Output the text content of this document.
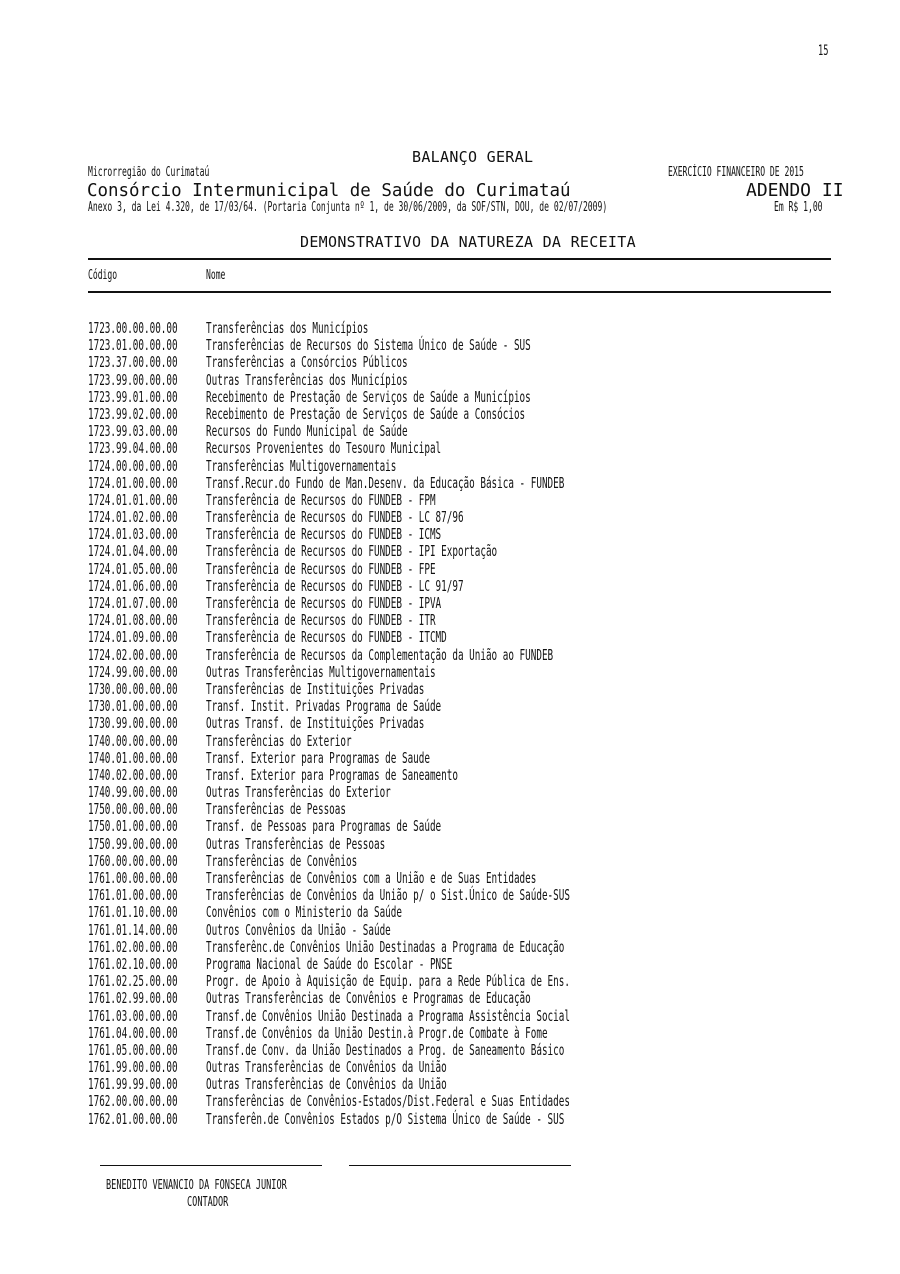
15
BALANÇO GERAL
Microrregião do Curimataú	EXERCÍCIO FINANCEIRO DE 2015
Consórcio Intermunicipal de Saúde do Curimataú	ADENDO II
Anexo 3, da Lei 4.320, de 17/03/64. (Portaria Conjunta nº 1, de 30/06/2009, da SOF/STN, DOU, de 02/07/2009)	Em R$ 1,00
DEMONSTRATIVO DA NATUREZA DA RECEITA
Código	Nome
1723.00.00.00.00 Transferências dos Municípios
1723.01.00.00.00 Transferências de Recursos do Sistema Único de Saúde - SUS
1723.37.00.00.00 Transferências a Consórcios Públicos
1723.99.00.00.00 Outras Transferências dos Municípios
1723.99.01.00.00 Recebimento de Prestação de Serviços de Saúde a Municípios
1723.99.02.00.00 Recebimento de Prestação de Serviços de Saúde a Consócios
1723.99.03.00.00 Recursos do Fundo Municipal de Saúde
1723.99.04.00.00 Recursos Provenientes do Tesouro Municipal
1724.00.00.00.00 Transferências Multigovernamentais
1724.01.00.00.00 Transf.Recur.do Fundo de Man.Desenv. da Educação Básica - FUNDEB
1724.01.01.00.00 Transferência de Recursos do FUNDEB - FPM
1724.01.02.00.00 Transferência de Recursos do FUNDEB - LC 87/96
1724.01.03.00.00 Transferência de Recursos do FUNDEB - ICMS
1724.01.04.00.00 Transferência de Recursos do FUNDEB - IPI Exportação
1724.01.05.00.00 Transferência de Recursos do FUNDEB - FPE
1724.01.06.00.00 Transferência de Recursos do FUNDEB - LC 91/97
1724.01.07.00.00 Transferência de Recursos do FUNDEB - IPVA
1724.01.08.00.00 Transferência de Recursos do FUNDEB - ITR
1724.01.09.00.00 Transferência de Recursos do FUNDEB - ITCMD
1724.02.00.00.00 Transferência de Recursos da Complementação da União ao FUNDEB
1724.99.00.00.00 Outras Transferências Multigovernamentais
1730.00.00.00.00 Transferências de Instituições Privadas
1730.01.00.00.00 Transf. Instit. Privadas Programa de Saúde
1730.99.00.00.00 Outras Transf. de Instituições Privadas
1740.00.00.00.00 Transferências do Exterior
1740.01.00.00.00 Transf. Exterior para Programas de Saude
1740.02.00.00.00 Transf. Exterior para Programas de Saneamento
1740.99.00.00.00 Outras Transferências do Exterior
1750.00.00.00.00 Transferências de Pessoas
1750.01.00.00.00 Transf. de Pessoas para Programas de Saúde
1750.99.00.00.00 Outras Transferências de Pessoas
1760.00.00.00.00 Transferências de Convênios
1761.00.00.00.00 Transferências de Convênios com a União e de Suas Entidades
1761.01.00.00.00 Transferências de Convênios da União p/ o Sist.Único de Saúde-SUS
1761.01.10.00.00 Convênios com o Ministerio da Saúde
1761.01.14.00.00 Outros Convênios da União - Saúde
1761.02.00.00.00 Transferênc.de Convênios União Destinadas a Programa de Educação
1761.02.10.00.00 Programa Nacional de Saúde do Escolar - PNSE
1761.02.25.00.00 Progr. de Apoio à Aquisição de Equip. para a Rede Pública de Ens.
1761.02.99.00.00 Outras Transferências de Convênios e Programas de Educação
1761.03.00.00.00 Transf.de Convênios União Destinada a Programa Assistência Social
1761.04.00.00.00 Transf.de Convênios da União Destin.à Progr.de Combate à Fome
1761.05.00.00.00 Transf.de Conv. da União Destinados a Prog. de Saneamento Básico
1761.99.00.00.00 Outras Transferências de Convênios da União
1761.99.99.00.00 Outras Transferências de Convênios da União
1762.00.00.00.00 Transferências de Convênios-Estados/Dist.Federal e Suas Entidades
1762.01.00.00.00 Transferên.de Convênios Estados p/O Sistema Único de Saúde - SUS
BENEDITO VENANCIO DA FONSECA JUNIOR
CONTADOR
